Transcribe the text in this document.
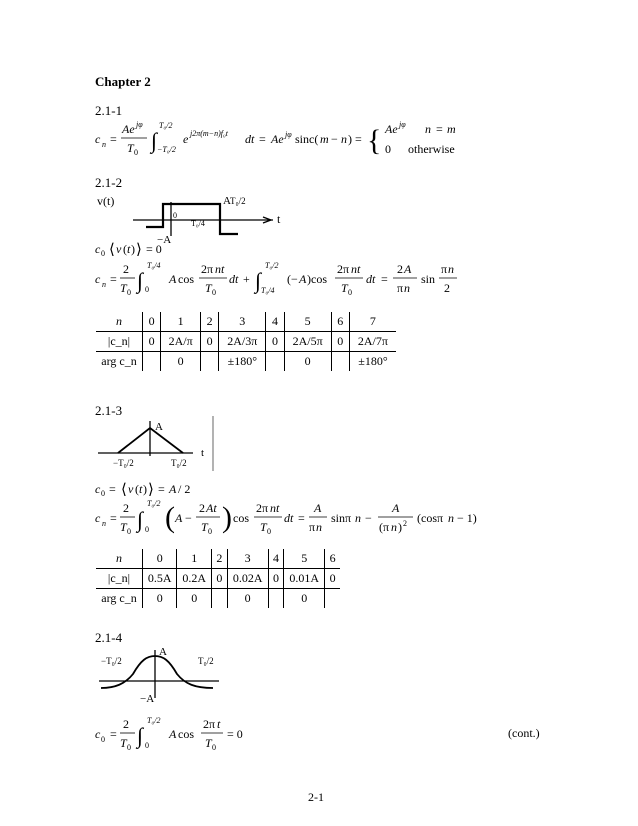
Chapter 2
2.1-1
c n =
Ae jφ
T 0 ∫
T₀/2
−T₀/2
e j2π(m−n)f₀t dt = Ae jφ sinc( m − n ) = { Ae jφ n = m
0 otherwise
2.1-2
v(t)
t
A T₀/2
0
T₀/4
−A
c 0 ⟨ v ( t ) ⟩ = 0
c n =
2
T 0 ∫
T₀/4
0
A cos
2π nt
T 0
dt + ∫
T₀/2
T₀/4
(− A )cos
2π nt
T 0
dt =
2 A
π n
sin
π n
2
n	0	1	2	3	4	5	6	7
|c_n|	0	2A/π	0	2A/3π	0	2A/5π	0	2A/7π
arg c_n		0		±180°		0		±180°
2.1-3
A
t
−T₀/2	T₀/2
c 0 = ⟨ v ( t ) ⟩ = A / 2
c n =
2
T 0 ∫
T₀/2
0 ( A −
2 At
T 0 ) cos
2π nt
T 0
dt =
A
π n
sinπ n −
A
(π n ) 2 (cosπ n − 1)
n	0	1	2	3	4	5	6
|c_n|	0.5A	0.2A	0	0.02A	0	0.01A	0
arg c_n	0	0		0		0	
2.1-4
−T₀/2	T₀/2
A
−A
c 0 =
2
T 0 ∫
T₀/2
0
A cos
2π t
T 0
= 0	(cont.)
2-1
